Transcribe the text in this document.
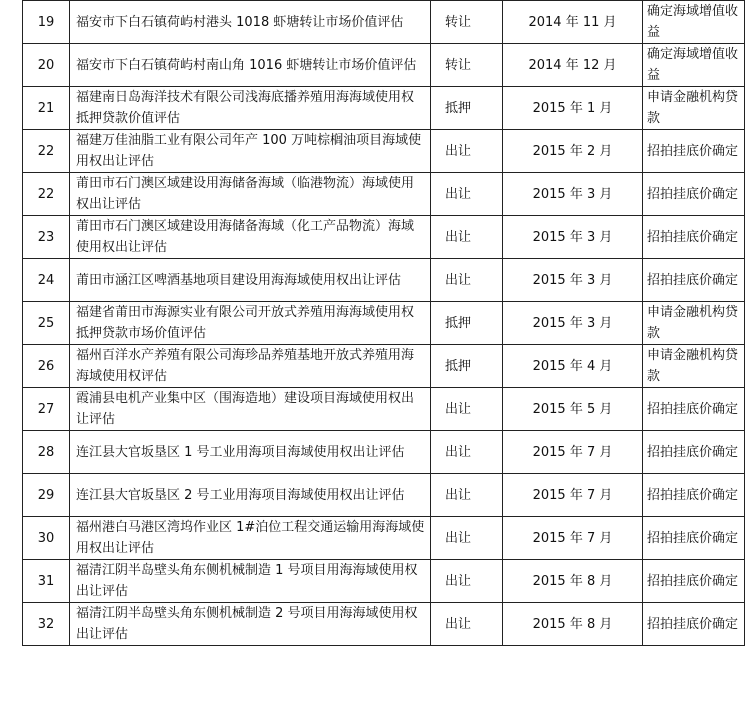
19	福安市下白石镇荷屿村港头 1018 虾塘转让市场价值评估	转让	2014 年 11 月	确定海域增值收益
20	福安市下白石镇荷屿村南山角 1016 虾塘转让市场价值评估	转让	2014 年 12 月	确定海域增值收益
21	福建南日岛海洋技术有限公司浅海底播养殖用海海域使用权抵押贷款价值评估	抵押	2015 年 1 月	申请金融机构贷款
22	福建万佳油脂工业有限公司年产 100 万吨棕榈油项目海域使用权出让评估	出让	2015 年 2 月	招拍挂底价确定
22	莆田市石门澳区域建设用海储备海域（临港物流）海域使用权出让评估	出让	2015 年 3 月	招拍挂底价确定
23	莆田市石门澳区域建设用海储备海域（化工产品物流）海域使用权出让评估	出让	2015 年 3 月	招拍挂底价确定
24	莆田市涵江区啤酒基地项目建设用海海域使用权出让评估	出让	2015 年 3 月	招拍挂底价确定
25	福建省莆田市海源实业有限公司开放式养殖用海海域使用权抵押贷款市场价值评估	抵押	2015 年 3 月	申请金融机构贷款
26	福州百洋水产养殖有限公司海珍品养殖基地开放式养殖用海海域使用权评估	抵押	2015 年 4 月	申请金融机构贷款
27	霞浦县电机产业集中区（围海造地）建设项目海域使用权出让评估	出让	2015 年 5 月	招拍挂底价确定
28	连江县大官坂垦区 1 号工业用海项目海域使用权出让评估	出让	2015 年 7 月	招拍挂底价确定
29	连江县大官坂垦区 2 号工业用海项目海域使用权出让评估	出让	2015 年 7 月	招拍挂底价确定
30	福州港白马港区湾坞作业区 1#泊位工程交通运输用海海域使用权出让评估	出让	2015 年 7 月	招拍挂底价确定
31	福清江阴半岛壁头角东侧机械制造 1 号项目用海海域使用权出让评估	出让	2015 年 8 月	招拍挂底价确定
32	福清江阴半岛壁头角东侧机械制造 2 号项目用海海域使用权出让评估	出让	2015 年 8 月	招拍挂底价确定
